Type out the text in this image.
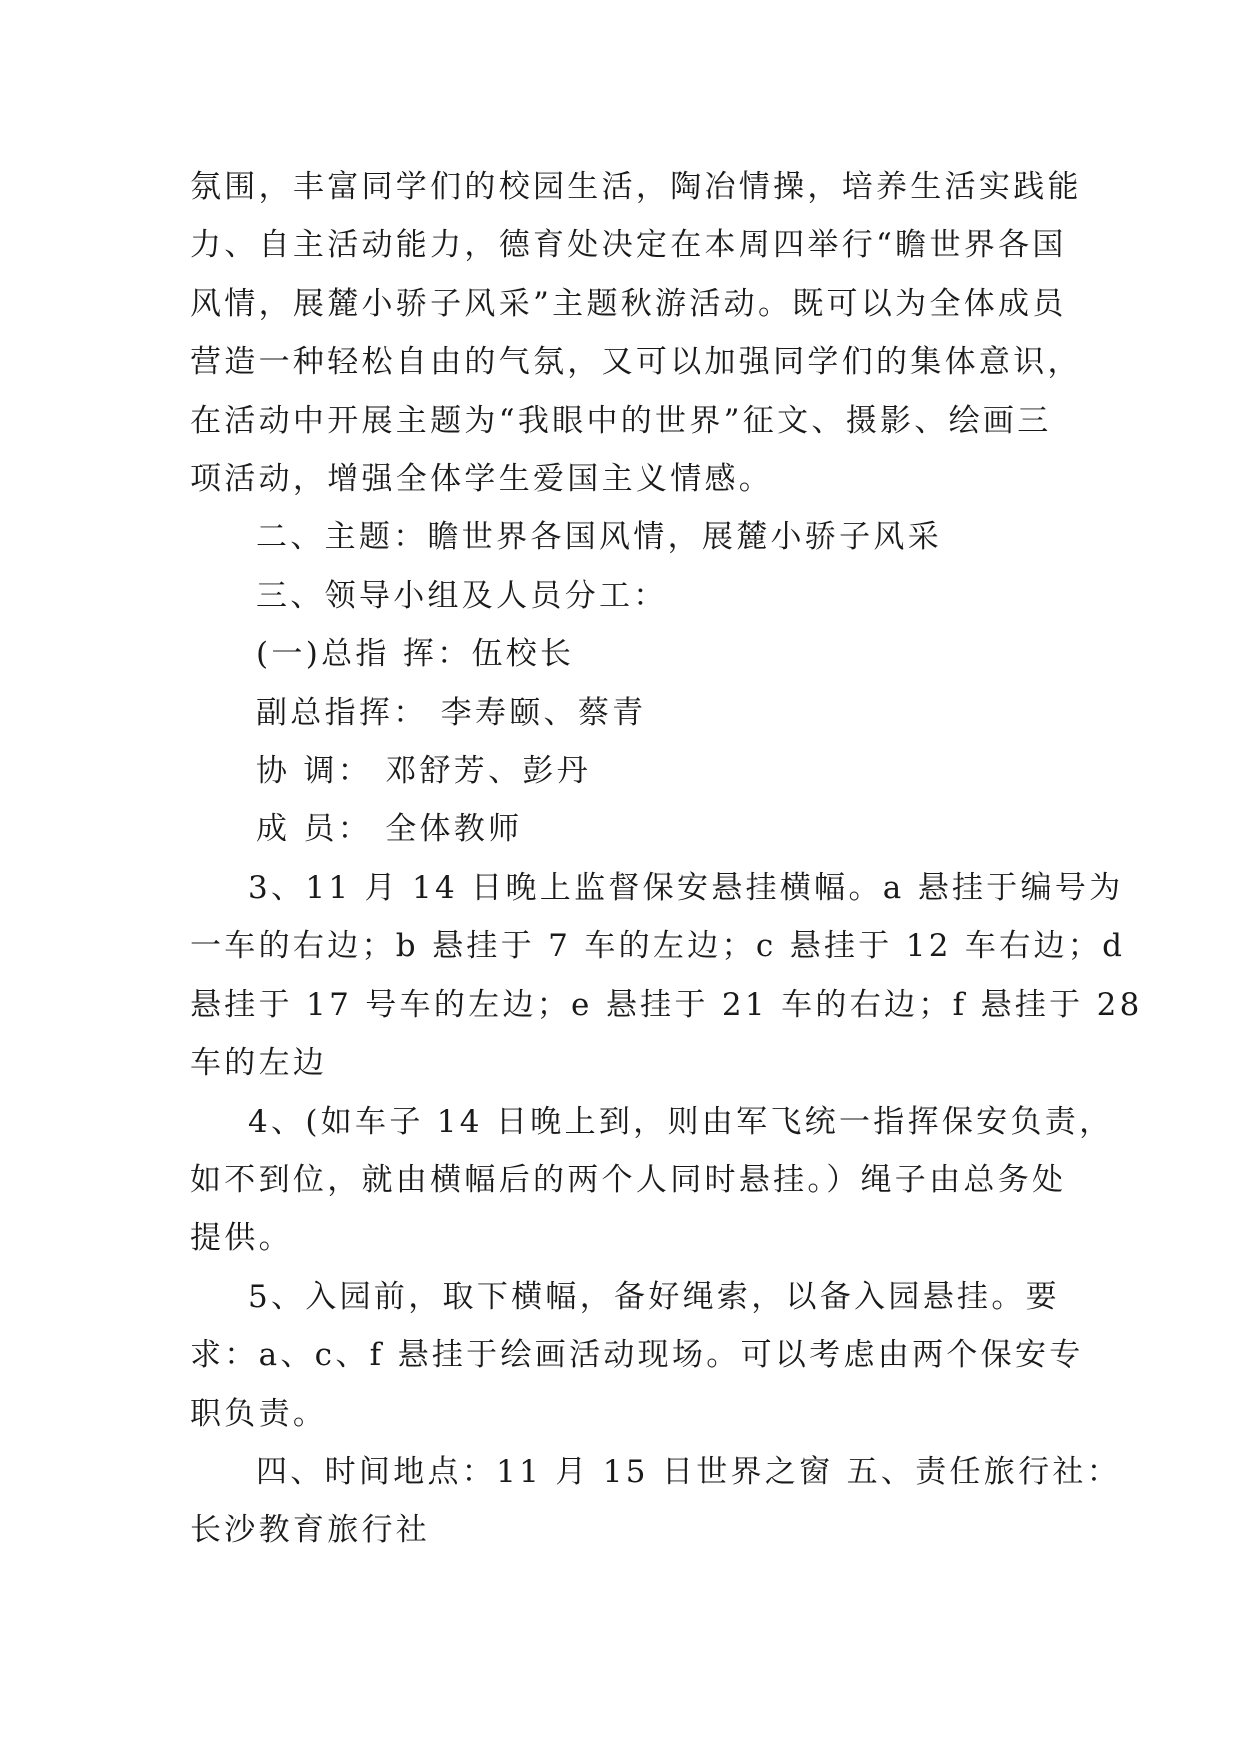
氛围，丰富同学们的校园生活，陶冶情操，培养生活实践能

力、自主活动能力，德育处决定在本周四举行“瞻世界各国

风情，展麓小骄子风采”主题秋游活动。既可以为全体成员

营造一种轻松自由的气氛，又可以加强同学们的集体意识，

在活动中开展主题为“我眼中的世界”征文、摄影、绘画三

项活动，增强全体学生爱国主义情感。

二、主题：瞻世界各国风情，展麓小骄子风采

三、领导小组及人员分工：

(一)总指 挥：伍校长

副总指挥： 李寿颐、蔡青

协 调： 邓舒芳、彭丹

成 员： 全体教师

3、11 月 14 日晚上监督保安悬挂横幅。a 悬挂于编号为

一车的右边；b 悬挂于 7 车的左边；c 悬挂于 12 车右边；d

悬挂于 17 号车的左边；e 悬挂于 21 车的右边；f 悬挂于 28

车的左边

4、(如车子 14 日晚上到，则由军飞统一指挥保安负责，

如不到位，就由横幅后的两个人同时悬挂。）绳子由总务处

提供。

5、入园前，取下横幅，备好绳索，以备入园悬挂。要

求：a、c、f 悬挂于绘画活动现场。可以考虑由两个保安专

职负责。

四、时间地点：11 月 15 日世界之窗 五、责任旅行社：

长沙教育旅行社
